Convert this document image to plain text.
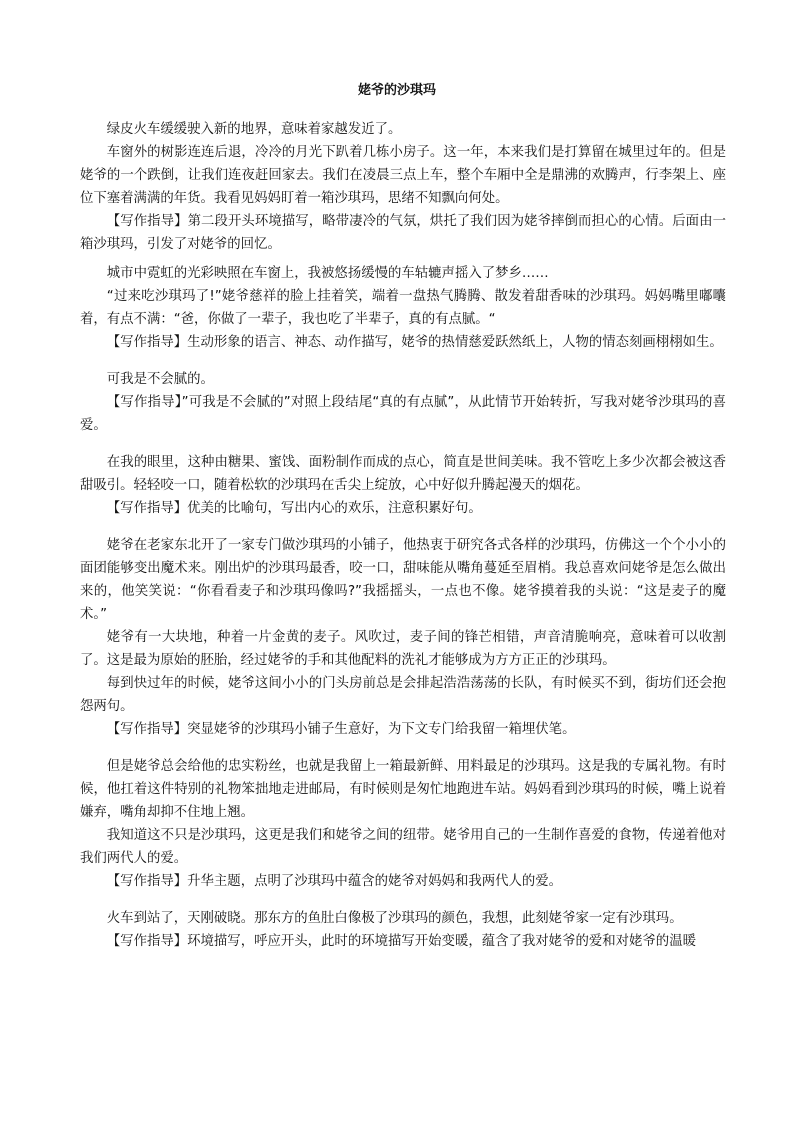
姥爷的沙琪玛

绿皮火车缓缓驶入新的地界，意味着家越发近了。

车窗外的树影连连后退，冷冷的月光下趴着几栋小房子。这一年，本来我们是打算留在城里过年的。但是姥爷的一个跌倒，让我们连夜赶回家去。我们在凌晨三点上车，整个车厢中全是鼎沸的欢腾声，行李架上、座位下塞着满满的年货。我看见妈妈盯着一箱沙琪玛，思绪不知飘向何处。

【写作指导】第二段开头环境描写，略带凄冷的气氛，烘托了我们因为姥爷摔倒而担心的心情。后面由一箱沙琪玛，引发了对姥爷的回忆。

城市中霓虹的光彩映照在车窗上，我被悠扬缓慢的车轱辘声摇入了梦乡……

“过来吃沙琪玛了!”姥爷慈祥的脸上挂着笑，端着一盘热气腾腾、散发着甜香味的沙琪玛。妈妈嘴里嘟囔着，有点不满：“爸，你做了一辈子，我也吃了半辈子，真的有点腻。“

【写作指导】生动形象的语言、神态、动作描写，姥爷的热情慈爱跃然纸上，人物的情态刻画栩栩如生。

可我是不会腻的。

【写作指导】”可我是不会腻的”对照上段结尾“真的有点腻”，从此情节开始转折，写我对姥爷沙琪玛的喜爱。

在我的眼里，这种由糖果、蜜饯、面粉制作而成的点心，简直是世间美味。我不管吃上多少次都会被这香甜吸引。轻轻咬一口，随着松软的沙琪玛在舌尖上绽放，心中好似升腾起漫天的烟花。

【写作指导】优美的比喻句，写出内心的欢乐，注意积累好句。

姥爷在老家东北开了一家专门做沙琪玛的小铺子，他热衷于研究各式各样的沙琪玛，仿佛这一个个小小的面团能够变出魔术来。刚出炉的沙琪玛最香，咬一口，甜味能从嘴角蔓延至眉梢。我总喜欢问姥爷是怎么做出来的，他笑笑说：“你看看麦子和沙琪玛像吗?”我摇摇头，一点也不像。姥爷摸着我的头说：“这是麦子的魔术。”

姥爷有一大块地，种着一片金黄的麦子。风吹过，麦子间的锋芒相错，声音清脆响亮，意味着可以收割了。这是最为原始的胚胎，经过姥爷的手和其他配料的洗礼才能够成为方方正正的沙琪玛。

每到快过年的时候，姥爷这间小小的门头房前总是会排起浩浩荡荡的长队，有时候买不到，街坊们还会抱怨两句。

【写作指导】突显姥爷的沙琪玛小铺子生意好，为下文专门给我留一箱埋伏笔。

但是姥爷总会给他的忠实粉丝，也就是我留上一箱最新鲜、用料最足的沙琪玛。这是我的专属礼物。有时候，他扛着这件特别的礼物笨拙地走进邮局，有时候则是匆忙地跑进车站。妈妈看到沙琪玛的时候，嘴上说着嫌弃，嘴角却抑不住地上翘。

我知道这不只是沙琪玛，这更是我们和姥爷之间的纽带。姥爷用自己的一生制作喜爱的食物，传递着他对我们两代人的爱。

【写作指导】升华主题，点明了沙琪玛中蕴含的姥爷对妈妈和我两代人的爱。

火车到站了，天刚破晓。那东方的鱼肚白像极了沙琪玛的颜色，我想，此刻姥爷家一定有沙琪玛。

【写作指导】环境描写，呼应开头，此时的环境描写开始变暖，蕴含了我对姥爷的爱和对姥爷的温暖
